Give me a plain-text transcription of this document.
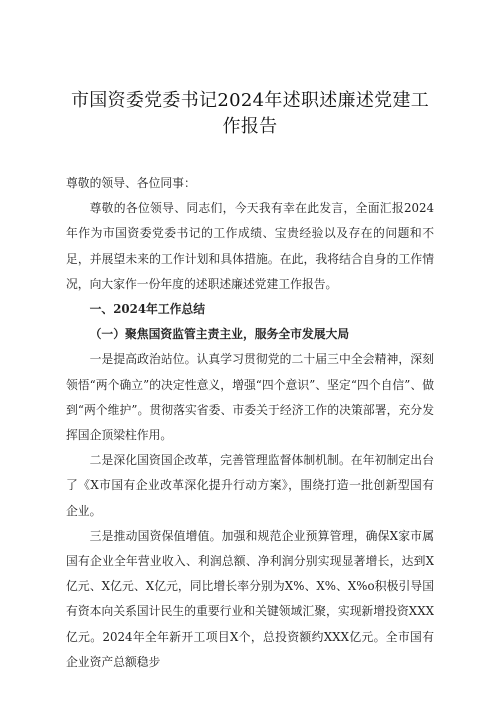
市国资委党委书记2024年述职述廉述党建工
作报告

尊敬的领导、各位同事：

尊敬的各位领导、同志们，今天我有幸在此发言，全面汇报2024年作为市国资委党委书记的工作成绩、宝贵经验以及存在的问题和不足，并展望未来的工作计划和具体措施。在此，我将结合自身的工作情况，向大家作一份年度的述职述廉述党建工作报告。

一、2024年工作总结

（一）聚焦国资监管主责主业，服务全市发展大局

一是提高政治站位。认真学习贯彻党的二十届三中全会精神，深刻领悟“两个确立”的决定性意义，增强“四个意识”、坚定“四个自信”、做到“两个维护”。贯彻落实省委、市委关于经济工作的决策部署，充分发挥国企顶梁柱作用。

二是深化国资国企改革，完善管理监督体制机制。在年初制定出台了《X市国有企业改革深化提升行动方案》，围绕打造一批创新型国有企业。

三是推动国资保值增值。加强和规范企业预算管理，确保X家市属国有企业全年营业收入、利润总额、净利润分别实现显著增长，达到X亿元、X亿元、X亿元，同比增长率分别为X%、X%、X%o积极引导国有资本向关系国计民生的重要行业和关键领域汇聚，实现新增投资XXX亿元。2024年全年新开工项目X个，总投资额约XXX亿元。全市国有企业资产总额稳步
